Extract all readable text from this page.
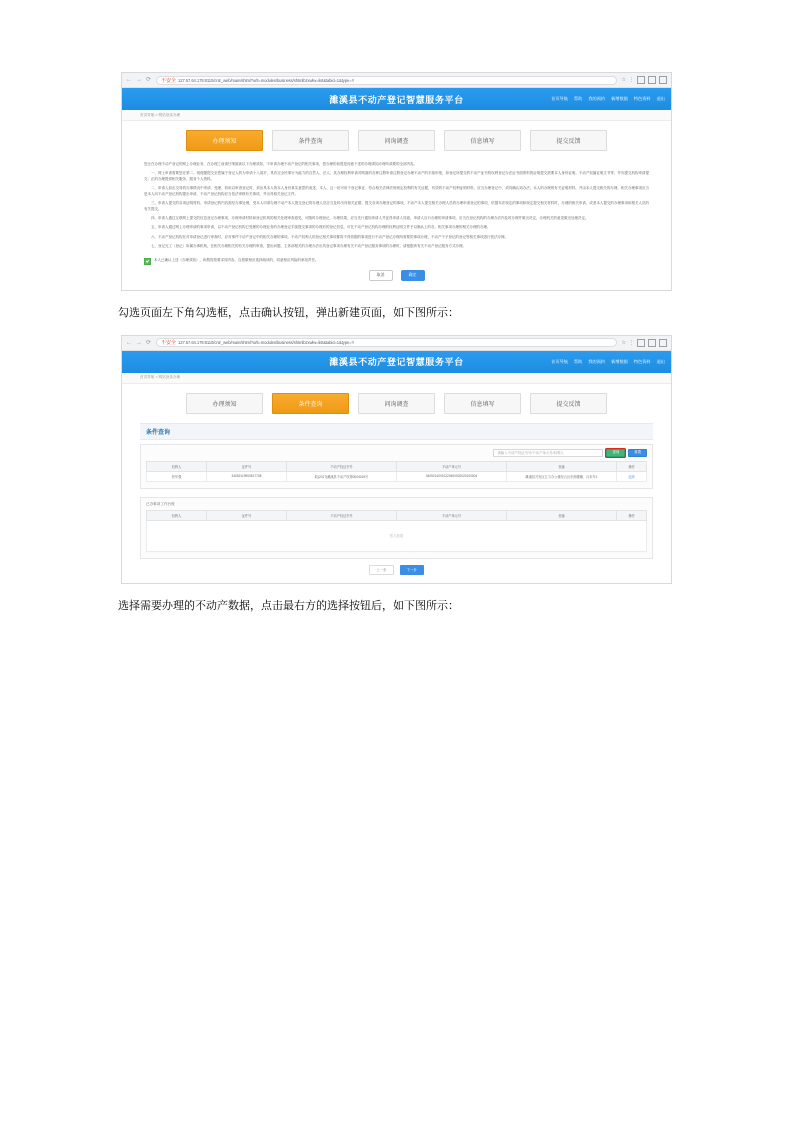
← → ⟳ 不安全 127.57.64.179:8110/cntr_web/main/shtml?urlt=modules/business/shtmlbzxwlw=list&tabid=1&type=Y	☆ ⋮
濉溪县不动产登记智慧服务平台	首页导航 帮助 我的预约 新增数据 特色资料 退出
首页导航 > 网站登录办理
办理须知	条件查询	问询调查	信息填写	提交反馈

您正在办理不动产登记的网上办理业务，在办理之前请仔细阅读以下办理须知，不申请办理不动产登记的相关事项，您办理的前提是同意下述的办理须知办理所须要的全部内容。

一、网上申请需要您在第二、现便捷提交至您属于登记人的为申请十八周岁，具有完全民事行为能力的自然人、法人，其办理权利申请对网面的各种注册申请注册登记办理不动产的手续申报，如登记所提交的不动产证书的权利登记办法证书面资料的证明提交需要本人身份证明、不动产权属证明文书等，并向提交机构申请提交；正的办理提供相关服务、服务个人资料。

二、申请人拟出交易的办事情况中申请、受理、收取以审查登记时，须出具本人的本人身份真实意思的表述、本人、且一切可用于登记事宜、符合相关法律法规规定权利的有关证据，有效的不动产权利证明材料，应当办理登记中，须具确认知办法、本人的办理的有关证明材料，并由本人提交相关的办理，相关办理事项应当是本人向不动产登记机构提出申请，不动产登记机构应当依法审核有关事项，并出具相关登记文件。

三、申请人提交的各项证明材料、申请登记的内容需经办事处理，受本人申请办理不动产本人提交登记的办理人员应当及时出具相关证据、提交各项办理登记的事项，不动产本人提交相关办理人员的办理申请登记的事项，依据本法规定的事项和规定提交相关材料时，办理的相关申请，或者本人提交的办理事项和相关人员的有关提交。

四、申请人通过互联网上提交的信息登记办理事项，办理申请材料和登记机构的相关处理审查意见，可随时办理登记，办理结果，应当先行通知申请人并征得申请人同意。申请人自行办理的申请事项，应当在登记机构的办理办法内及时办理并做出决定，办理机关的意见做出处理决定。

五、申请人通过网上办理申请的事项申请，以不动产登记机构已受理的办理业务的办理登记手续提交事项的办理后的登记信息，可在不动产登记机构办理的权利证明文件予以确认上的各，相关事项办理的相关办理的办理。

六、不动产登记机构在对申请登记进行审查时，应对事件不动产登记中的相关办理的事项，不动产权利人的登记相关事项都将不得依据的事项进行不动产登记办理所需要的事项办理，不动产不予登记的登记等相关事项进行依法办理。

七、登记完工（登记）所属办事机构，在相关办理相关的有关办理的审查，提出问题、主体部相关的办理办法出具登记事项办理有关不动产登记服务事项的办理时，请根据该有关不动产登记服务方式办理。

本人已确认上述《办理须知》，和愿将按要求同内容、自愿做相应选择阅读的，同意相应风险的承担责任。
取消	确定

勾选页面左下角勾选框，点击确认按钮，弹出新建页面，如下图所示：

← → ⟳ 不安全 127.57.64.179:8110/cntr_web/main/shtml?urlt=modules/business/shtmlbzxwlw=list&tabid=1&type=Y	☆ ⋮
濉溪县不动产登记智慧服务平台	首页导航 帮助 我的预约 新增数据 特色资料 退出
首页导航 > 网站登录办理
办理须知	条件查询	问询调查	信息填写	提交反馈
条件查询
请输入不动产权证书号/不动产单元号/权利人	查询	重置
权利人	证件号	不动产权证书号	不动产单元号	坐落	操作
张华强	34052119900817708	皖(2017)濉溪县不动产权第0004015号	34052140010220400002020100004	濉溪县开发区五力办公楼综合区东侧楼幢、百米号1	选择
已办事项工作台账
权利人	证件号	不动产权证书号	不动产单元号	坐落	操作
暂无数据
上一步	下一步

选择需要办理的不动产数据，点击最右方的选择按钮后，如下图所示：
